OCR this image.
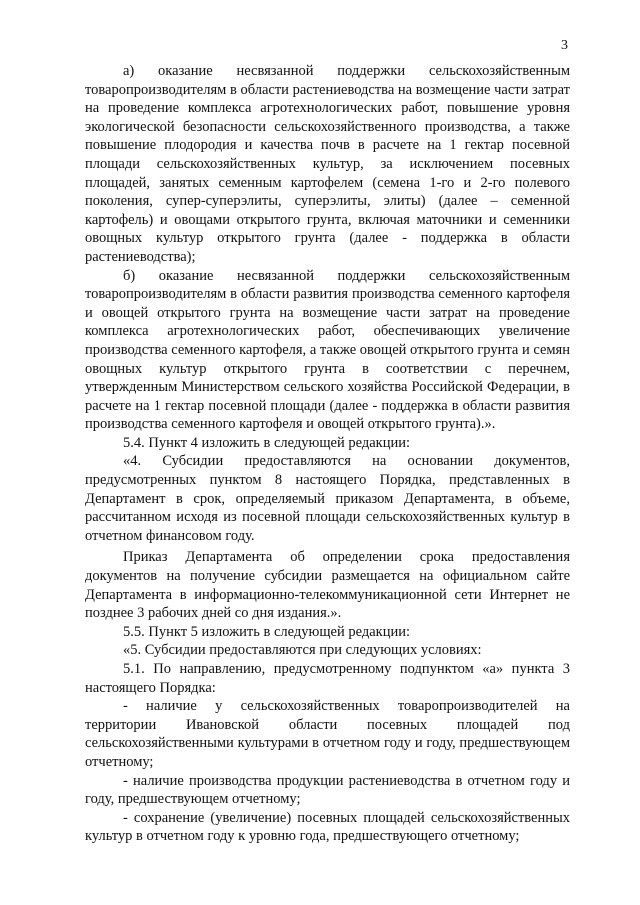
3

а) оказание несвязанной поддержки сельскохозяйственным товаропроизводителям в области растениеводства на возмещение части затрат на проведение комплекса агротехнологических работ, повышение уровня экологической безопасности сельскохозяйственного производства, а также повышение плодородия и качества почв в расчете на 1 гектар посевной площади сельскохозяйственных культур, за исключением посевных площадей, занятых семенным картофелем (семена 1-го и 2-го полевого поколения, супер-суперэлиты, суперэлиты, элиты) (далее – семенной картофель) и овощами открытого грунта, включая маточники и семенники овощных культур открытого грунта (далее - поддержка в области растениеводства);

б) оказание несвязанной поддержки сельскохозяйственным товаропроизводителям в области развития производства семенного картофеля и овощей открытого грунта на возмещение части затрат на проведение комплекса агротехнологических работ, обеспечивающих увеличение производства семенного картофеля, а также овощей открытого грунта и семян овощных культур открытого грунта в соответствии с перечнем, утвержденным Министерством сельского хозяйства Российской Федерации, в расчете на 1 гектар посевной площади (далее - поддержка в области развития производства семенного картофеля и овощей открытого грунта).».

5.4. Пункт 4 изложить в следующей редакции:

«4. Субсидии предоставляются на основании документов, предусмотренных пунктом 8 настоящего Порядка, представленных в Департамент в срок, определяемый приказом Департамента, в объеме, рассчитанном исходя из посевной площади сельскохозяйственных культур в отчетном финансовом году.

Приказ Департамента об определении срока предоставления документов на получение субсидии размещается на официальном сайте Департамента в информационно-телекоммуникационной сети Интернет не позднее 3 рабочих дней со дня издания.».

5.5. Пункт 5 изложить в следующей редакции:

«5. Субсидии предоставляются при следующих условиях:

5.1. По направлению, предусмотренному подпунктом «а» пункта 3 настоящего Порядка:

- наличие у сельскохозяйственных товаропроизводителей на территории Ивановской области посевных площадей под сельскохозяйственными культурами в отчетном году и году, предшествующем отчетному;

- наличие производства продукции растениеводства в отчетном году и году, предшествующем отчетному;

- сохранение (увеличение) посевных площадей сельскохозяйственных культур в отчетном году к уровню года, предшествующего отчетному;
